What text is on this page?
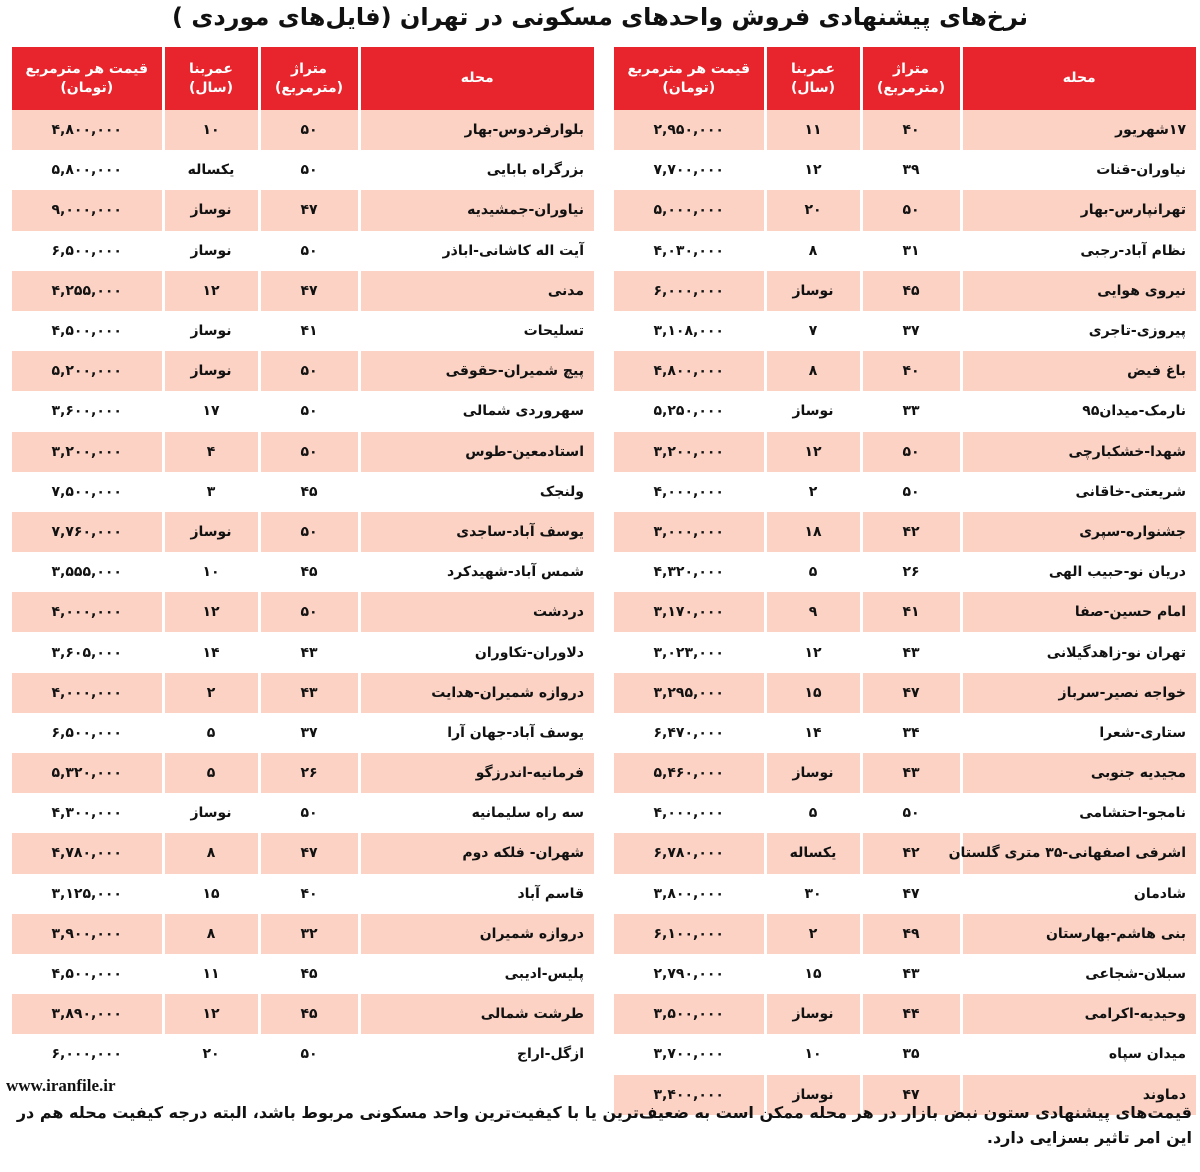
نرخ‌های پیشنهادی فروش واحدهای مسکونی در تهران (فایل‌های موردی )
محله	متراژ (مترمربع)	عمربنا (سال)	قیمت هر مترمربع (تومان)
۱۷شهریور	۴۰	۱۱	۲,۹۵۰,۰۰۰
نیاوران-قنات	۳۹	۱۲	۷,۷۰۰,۰۰۰
تهرانپارس-بهار	۵۰	۲۰	۵,۰۰۰,۰۰۰
نظام آباد-رجبی	۳۱	۸	۴,۰۳۰,۰۰۰
نیروی هوایی	۴۵	نوساز	۶,۰۰۰,۰۰۰
پیروزی-تاجری	۳۷	۷	۳,۱۰۸,۰۰۰
باغ فیض	۴۰	۸	۴,۸۰۰,۰۰۰
نارمک-میدان۹۵	۳۳	نوساز	۵,۲۵۰,۰۰۰
شهدا-خشکبارچی	۵۰	۱۲	۳,۲۰۰,۰۰۰
شریعتی-خاقانی	۵۰	۲	۴,۰۰۰,۰۰۰
جشنواره-سپری	۴۲	۱۸	۳,۰۰۰,۰۰۰
دریان نو-حبیب الهی	۲۶	۵	۴,۳۲۰,۰۰۰
امام حسین-صفا	۴۱	۹	۳,۱۷۰,۰۰۰
تهران نو-زاهدگیلانی	۴۳	۱۲	۳,۰۲۳,۰۰۰
خواجه نصیر-سرباز	۴۷	۱۵	۳,۲۹۵,۰۰۰
ستاری-شعرا	۳۴	۱۴	۶,۴۷۰,۰۰۰
مجیدیه جنوبی	۴۳	نوساز	۵,۴۶۰,۰۰۰
نامجو-احتشامی	۵۰	۵	۴,۰۰۰,۰۰۰
اشرفی اصفهانی-۳۵ متری گلستان	۴۲	یکساله	۶,۷۸۰,۰۰۰
شادمان	۴۷	۳۰	۳,۸۰۰,۰۰۰
بنی هاشم-بهارستان	۴۹	۲	۶,۱۰۰,۰۰۰
سبلان-شجاعی	۴۳	۱۵	۲,۷۹۰,۰۰۰
وحیدیه-اکرامی	۴۴	نوساز	۳,۵۰۰,۰۰۰
میدان سپاه	۳۵	۱۰	۳,۷۰۰,۰۰۰
دماوند	۴۷	نوساز	۳,۴۰۰,۰۰۰
محله	متراژ (مترمربع)	عمربنا (سال)	قیمت هر مترمربع (تومان)
بلوارفردوس-بهار	۵۰	۱۰	۴,۸۰۰,۰۰۰
بزرگراه بابایی	۵۰	یکساله	۵,۸۰۰,۰۰۰
نیاوران-جمشیدیه	۴۷	نوساز	۹,۰۰۰,۰۰۰
آیت اله کاشانی-اباذر	۵۰	نوساز	۶,۵۰۰,۰۰۰
مدنی	۴۷	۱۲	۴,۲۵۵,۰۰۰
تسلیحات	۴۱	نوساز	۴,۵۰۰,۰۰۰
پیچ شمیران-حقوقی	۵۰	نوساز	۵,۲۰۰,۰۰۰
سهروردی شمالی	۵۰	۱۷	۳,۶۰۰,۰۰۰
استادمعین-طوس	۵۰	۴	۳,۲۰۰,۰۰۰
ولنجک	۴۵	۳	۷,۵۰۰,۰۰۰
یوسف آباد-ساجدی	۵۰	نوساز	۷,۷۶۰,۰۰۰
شمس آباد-شهیدکرد	۴۵	۱۰	۳,۵۵۵,۰۰۰
دردشت	۵۰	۱۲	۴,۰۰۰,۰۰۰
دلاوران-تکاوران	۴۳	۱۴	۳,۶۰۵,۰۰۰
دروازه شمیران-هدایت	۴۳	۲	۴,۰۰۰,۰۰۰
یوسف آباد-جهان آرا	۳۷	۵	۶,۵۰۰,۰۰۰
فرمانیه-اندرزگو	۲۶	۵	۵,۳۲۰,۰۰۰
سه راه سلیمانیه	۵۰	نوساز	۴,۳۰۰,۰۰۰
شهران- فلکه دوم	۴۷	۸	۴,۷۸۰,۰۰۰
قاسم آباد	۴۰	۱۵	۳,۱۲۵,۰۰۰
دروازه شمیران	۳۲	۸	۳,۹۰۰,۰۰۰
پلیس-ادیبی	۴۵	۱۱	۴,۵۰۰,۰۰۰
طرشت شمالی	۴۵	۱۲	۳,۸۹۰,۰۰۰
ازگل-اراج	۵۰	۲۰	۶,۰۰۰,۰۰۰
www.iranfile.ir
قیمت‌های پیشنهادی ستون نبض بازار در هر محله ممکن است به ضعیف‌ترین یا با کیفیت‌ترین واحد مسکونی مربوط باشد، البته درجه کیفیت محله هم در این امر تاثیر بسزایی دارد.
